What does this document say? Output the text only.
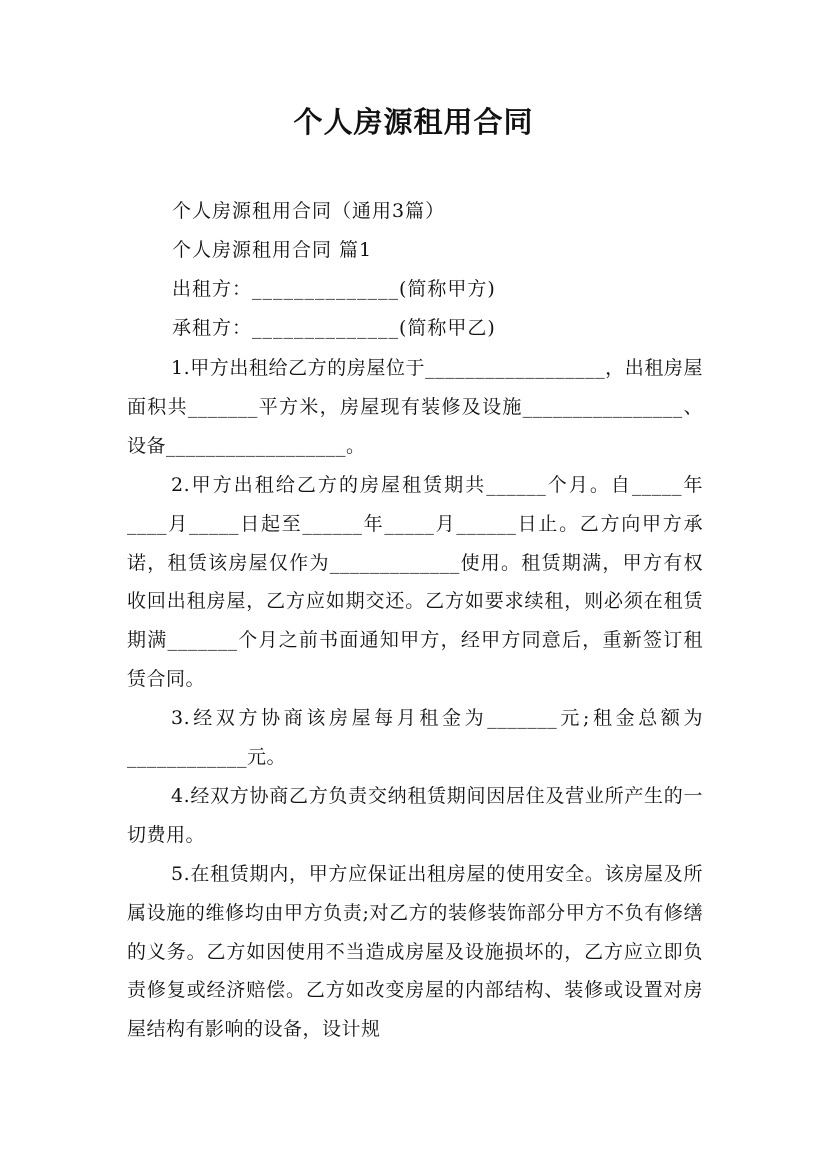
个人房源租用合同
个人房源租用合同（通用3篇）
个人房源租用合同 篇1
出租方：______________(简称甲方)
承租方：______________(简称甲乙)
1.甲方出租给乙方的房屋位于__________________，出租房屋面积共_______平方米，房屋现有装修及设施________________、设备__________________。
2.甲方出租给乙方的房屋租赁期共______个月。自_____年____月_____日起至______年_____月______日止。乙方向甲方承诺，租赁该房屋仅作为_____________使用。租赁期满，甲方有权收回出租房屋，乙方应如期交还。乙方如要求续租，则必须在租赁期满_______个月之前书面通知甲方，经甲方同意后，重新签订租赁合同。
3.经双方协商该房屋每月租金为_______元;租金总额为____________元。
4.经双方协商乙方负责交纳租赁期间因居住及营业所产生的一切费用。
5.在租赁期内，甲方应保证出租房屋的使用安全。该房屋及所属设施的维修均由甲方负责;对乙方的装修装饰部分甲方不负有修缮的义务。乙方如因使用不当造成房屋及设施损坏的，乙方应立即负责修复或经济赔偿。乙方如改变房屋的内部结构、装修或设置对房屋结构有影响的设备，设计规
